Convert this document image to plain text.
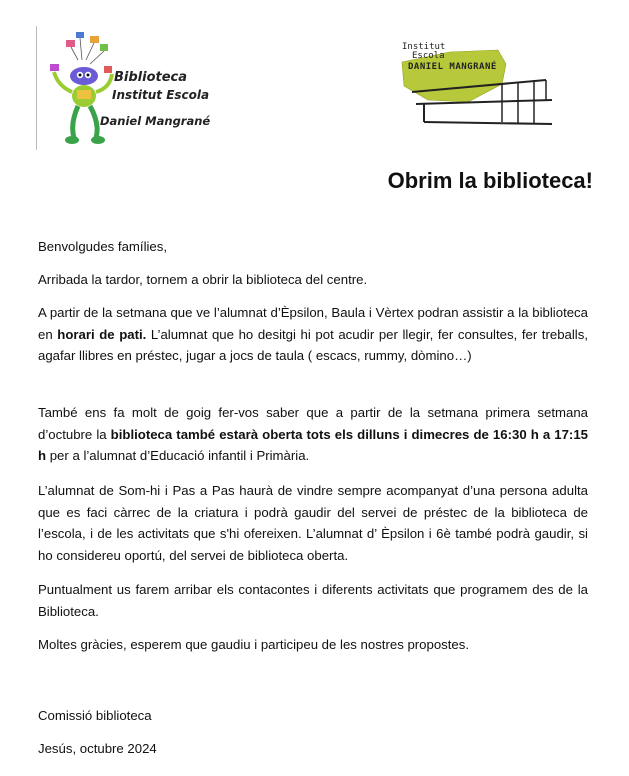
Biblioteca
Institut Escola
Daniel Mangrané
Institut
Escola
DANIEL MANGRANÉ
Obrim la biblioteca!
Benvolgudes famílies,
Arribada la tardor, tornem a obrir la biblioteca del centre.
A partir de la setmana que ve l’alumnat d’Èpsilon, Baula i Vèrtex podran assistir a la biblioteca en horari de pati. L’alumnat que ho desitgi hi pot acudir per llegir, fer consultes, fer treballs, agafar llibres en préstec, jugar a jocs de taula ( escacs, rummy, dòmino…)
També ens fa molt de goig fer-vos saber que a partir de la setmana primera setmana d’octubre la biblioteca també estarà oberta tots els dilluns i dimecres de 16:30 h a 17:15 h per a l’alumnat d’Educació infantil i Primària.
L’alumnat de Som-hi i Pas a Pas haurà de vindre sempre acompanyat d’una persona adulta que es faci càrrec de la criatura i podrà gaudir del servei de préstec de la biblioteca de l’escola, i de les activitats que s'hi ofereixen. L’alumnat d’ Èpsilon i 6è també podrà gaudir, si ho considereu oportú, del servei de biblioteca oberta.
Puntualment us farem arribar els contacontes i diferents activitats que programem des de la Biblioteca.
Moltes gràcies, esperem que gaudiu i participeu de les nostres propostes.
Comissió biblioteca
Jesús, octubre 2024
